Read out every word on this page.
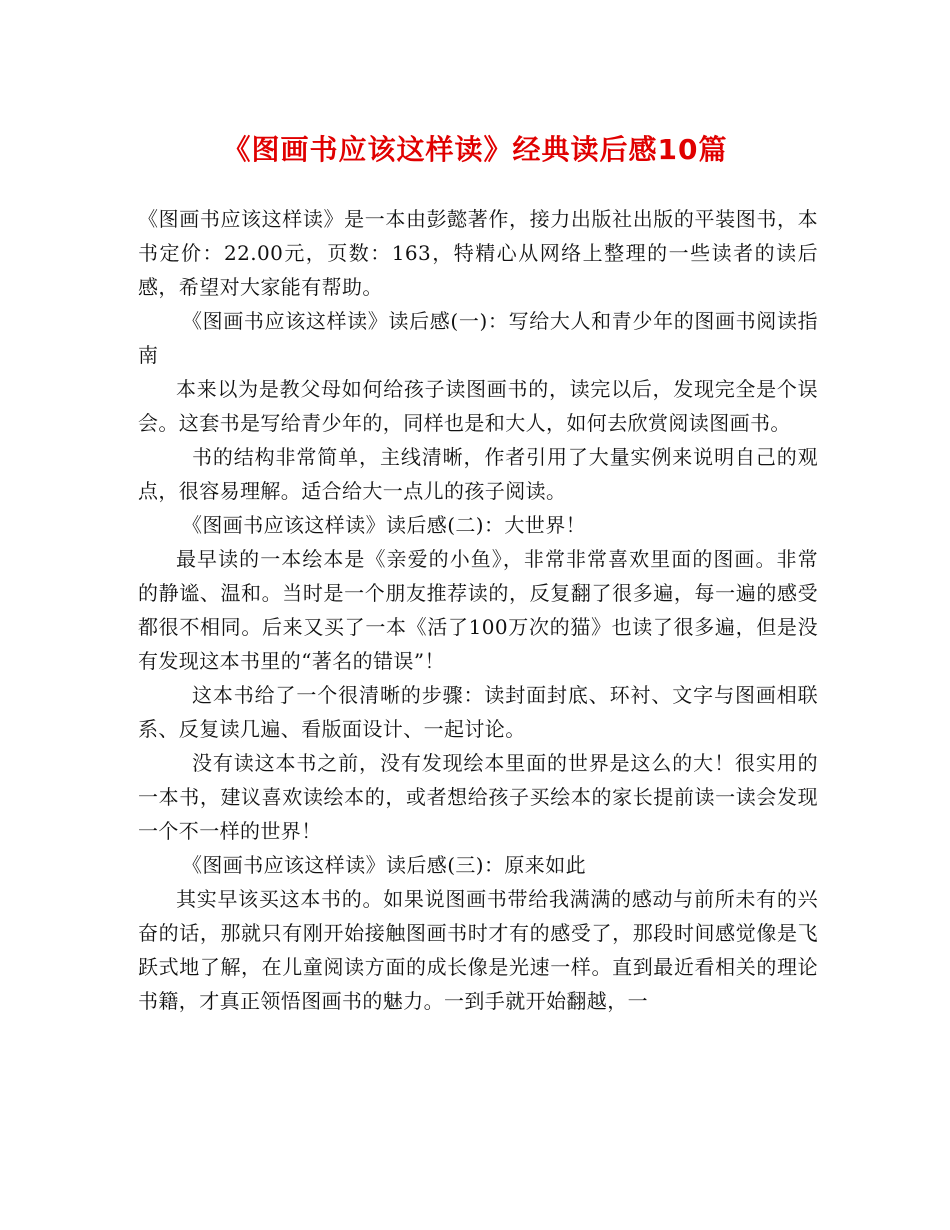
《图画书应该这样读》经典读后感10篇

《图画书应该这样读》是一本由彭懿著作，接力出版社出版的平装图书，本书定价：22.00元，页数：163，特精心从网络上整理的一些读者的读后感，希望对大家能有帮助。

《图画书应该这样读》读后感(一)：写给大人和青少年的图画书阅读指南

本来以为是教父母如何给孩子读图画书的，读完以后，发现完全是个误会。这套书是写给青少年的，同样也是和大人，如何去欣赏阅读图画书。

书的结构非常简单，主线清晰，作者引用了大量实例来说明自己的观点，很容易理解。适合给大一点儿的孩子阅读。

《图画书应该这样读》读后感(二)：大世界！

最早读的一本绘本是《亲爱的小鱼》，非常非常喜欢里面的图画。非常的静谧、温和。当时是一个朋友推荐读的，反复翻了很多遍，每一遍的感受都很不相同。后来又买了一本《活了100万次的猫》也读了很多遍，但是没有发现这本书里的“著名的错误”！

这本书给了一个很清晰的步骤：读封面封底、环衬、文字与图画相联系、反复读几遍、看版面设计、一起讨论。

没有读这本书之前，没有发现绘本里面的世界是这么的大！很实用的一本书，建议喜欢读绘本的，或者想给孩子买绘本的家长提前读一读会发现一个不一样的世界！

《图画书应该这样读》读后感(三)：原来如此

其实早该买这本书的。如果说图画书带给我满满的感动与前所未有的兴奋的话，那就只有刚开始接触图画书时才有的感受了，那段时间感觉像是飞跃式地了解，在儿童阅读方面的成长像是光速一样。直到最近看相关的理论书籍，才真正领悟图画书的魅力。一到手就开始翻越，一
